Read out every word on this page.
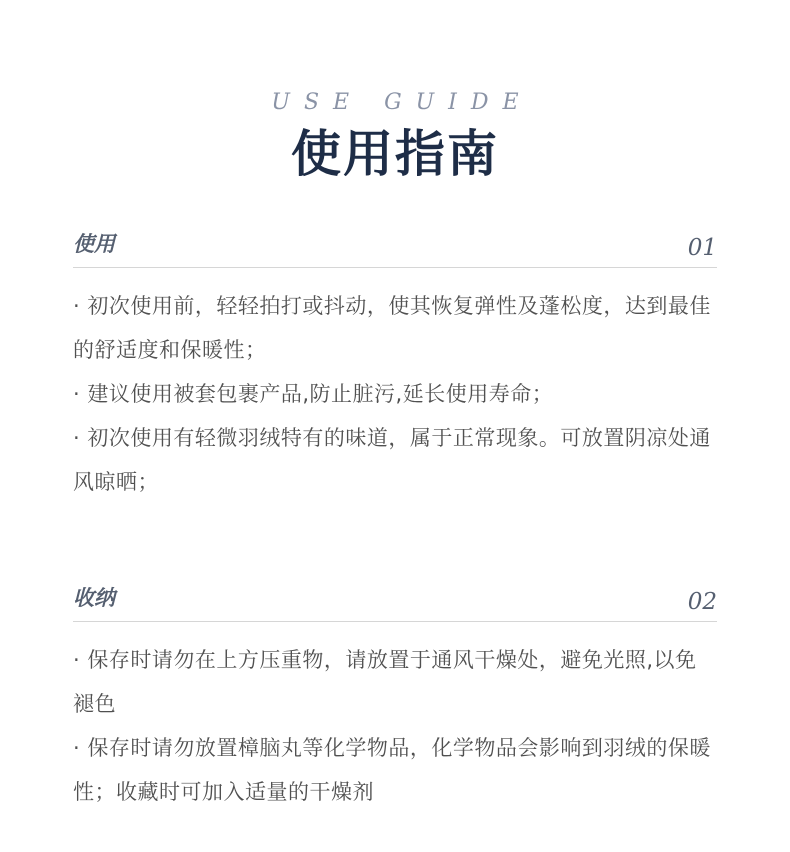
USE GUIDE
使用指南
使用	01

· 初次使用前，轻轻拍打或抖动，使其恢复弹性及蓬松度，达到最佳的舒适度和保暖性；

· 建议使用被套包裹产品,防止脏污,延长使用寿命；

· 初次使用有轻微羽绒特有的味道，属于正常现象。可放置阴凉处通风晾晒；

收纳	02

· 保存时请勿在上方压重物，请放置于通风干燥处，避免光照,以免褪色

· 保存时请勿放置樟脑丸等化学物品，化学物品会影响到羽绒的保暖性；收藏时可加入适量的干燥剂
